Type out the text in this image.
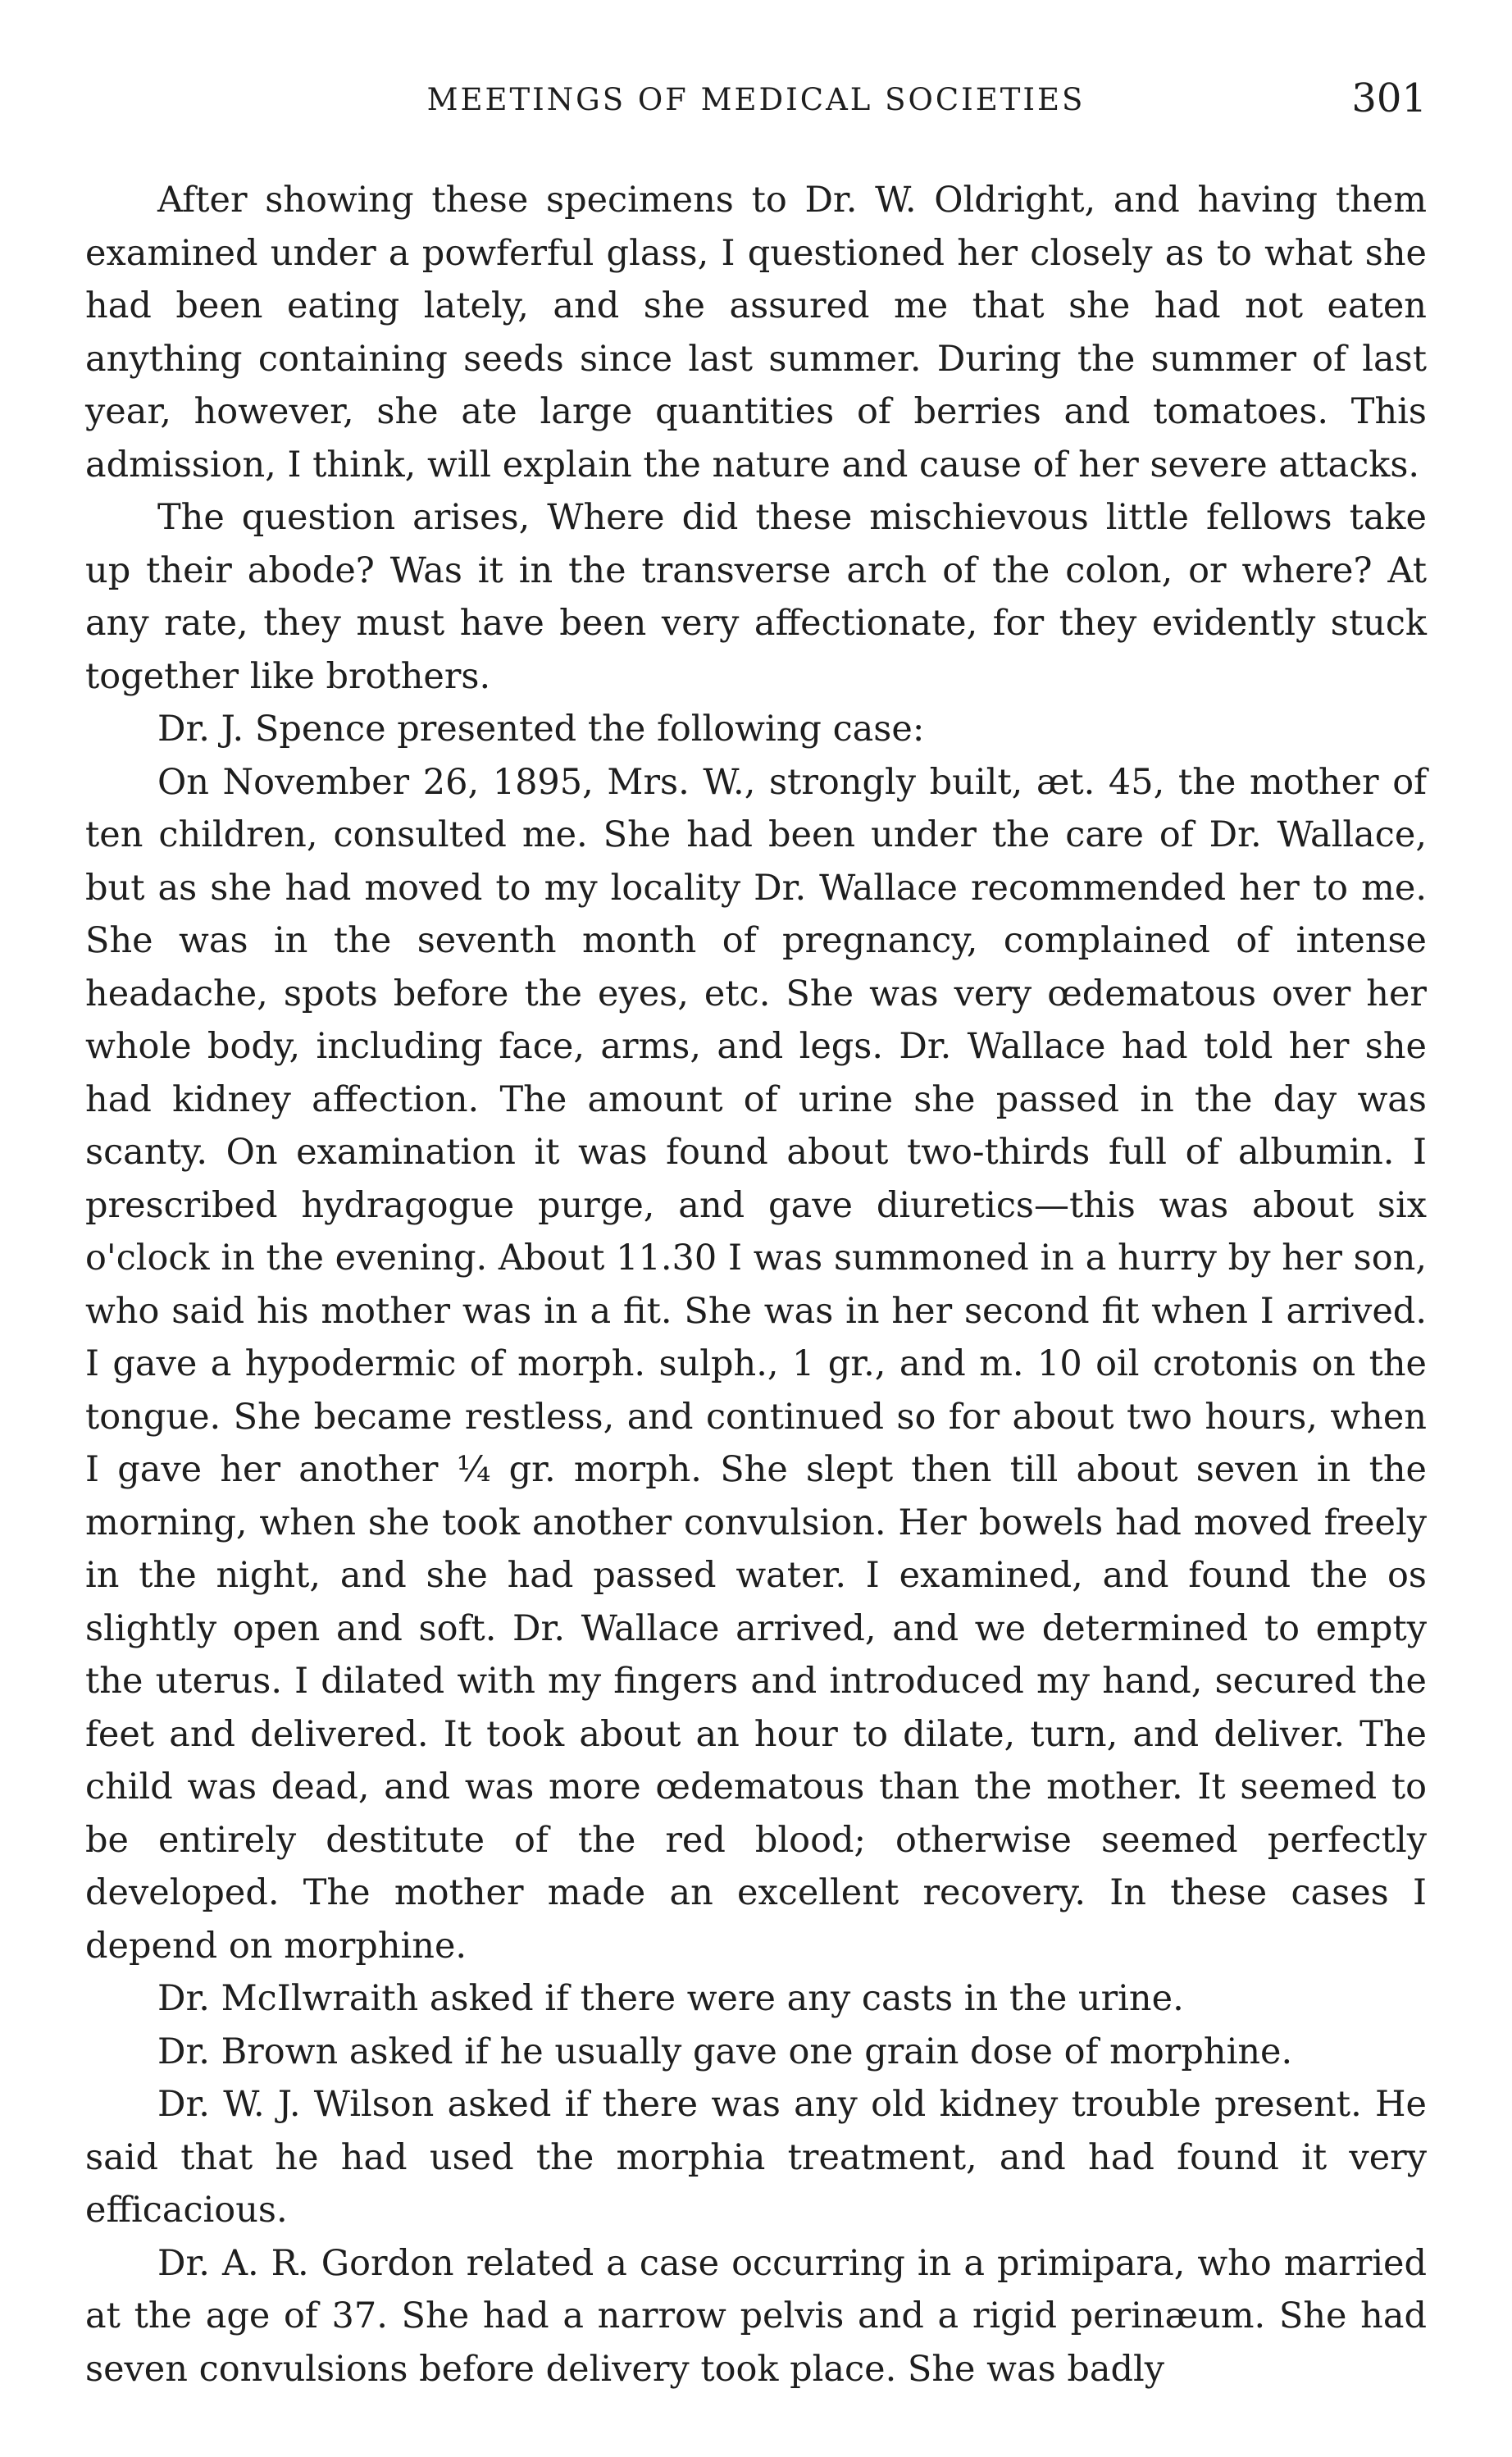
MEETINGS OF MEDICAL SOCIETIES	301

After showing these specimens to Dr. W. Oldright, and having them examined under a powferful glass, I questioned her closely as to what she had been eating lately, and she assured me that she had not eaten anything containing seeds since last summer. During the summer of last year, however, she ate large quantities of berries and tomatoes. This admission, I think, will explain the nature and cause of her severe attacks.

The question arises, Where did these mischievous little fellows take up their abode? Was it in the transverse arch of the colon, or where? At any rate, they must have been very affectionate, for they evidently stuck together like brothers.

Dr. J. Spence presented the following case:

On November 26, 1895, Mrs. W., strongly built, æt. 45, the mother of ten children, consulted me. She had been under the care of Dr. Wallace, but as she had moved to my locality Dr. Wallace recommended her to me. She was in the seventh month of pregnancy, complained of intense headache, spots before the eyes, etc. She was very œdematous over her whole body, including face, arms, and legs. Dr. Wallace had told her she had kidney affection. The amount of urine she passed in the day was scanty. On examination it was found about two-thirds full of albumin. I prescribed hydragogue purge, and gave diuretics—this was about six o'clock in the evening. About 11.30 I was summoned in a hurry by her son, who said his mother was in a fit. She was in her second fit when I arrived. I gave a hypodermic of morph. sulph., 1 gr., and m. 10 oil crotonis on the tongue. She became restless, and continued so for about two hours, when I gave her another ¼ gr. morph. She slept then till about seven in the morning, when she took another convulsion. Her bowels had moved freely in the night, and she had passed water. I examined, and found the os slightly open and soft. Dr. Wallace arrived, and we determined to empty the uterus. I dilated with my fingers and introduced my hand, secured the feet and delivered. It took about an hour to dilate, turn, and deliver. The child was dead, and was more œdematous than the mother. It seemed to be entirely destitute of the red blood; otherwise seemed perfectly developed. The mother made an excellent recovery. In these cases I depend on morphine.

Dr. McIlwraith asked if there were any casts in the urine.

Dr. Brown asked if he usually gave one grain dose of morphine.

Dr. W. J. Wilson asked if there was any old kidney trouble present. He said that he had used the morphia treatment, and had found it very efficacious.

Dr. A. R. Gordon related a case occurring in a primipara, who married at the age of 37. She had a narrow pelvis and a rigid perinæum. She had seven convulsions before delivery took place. She was badly
